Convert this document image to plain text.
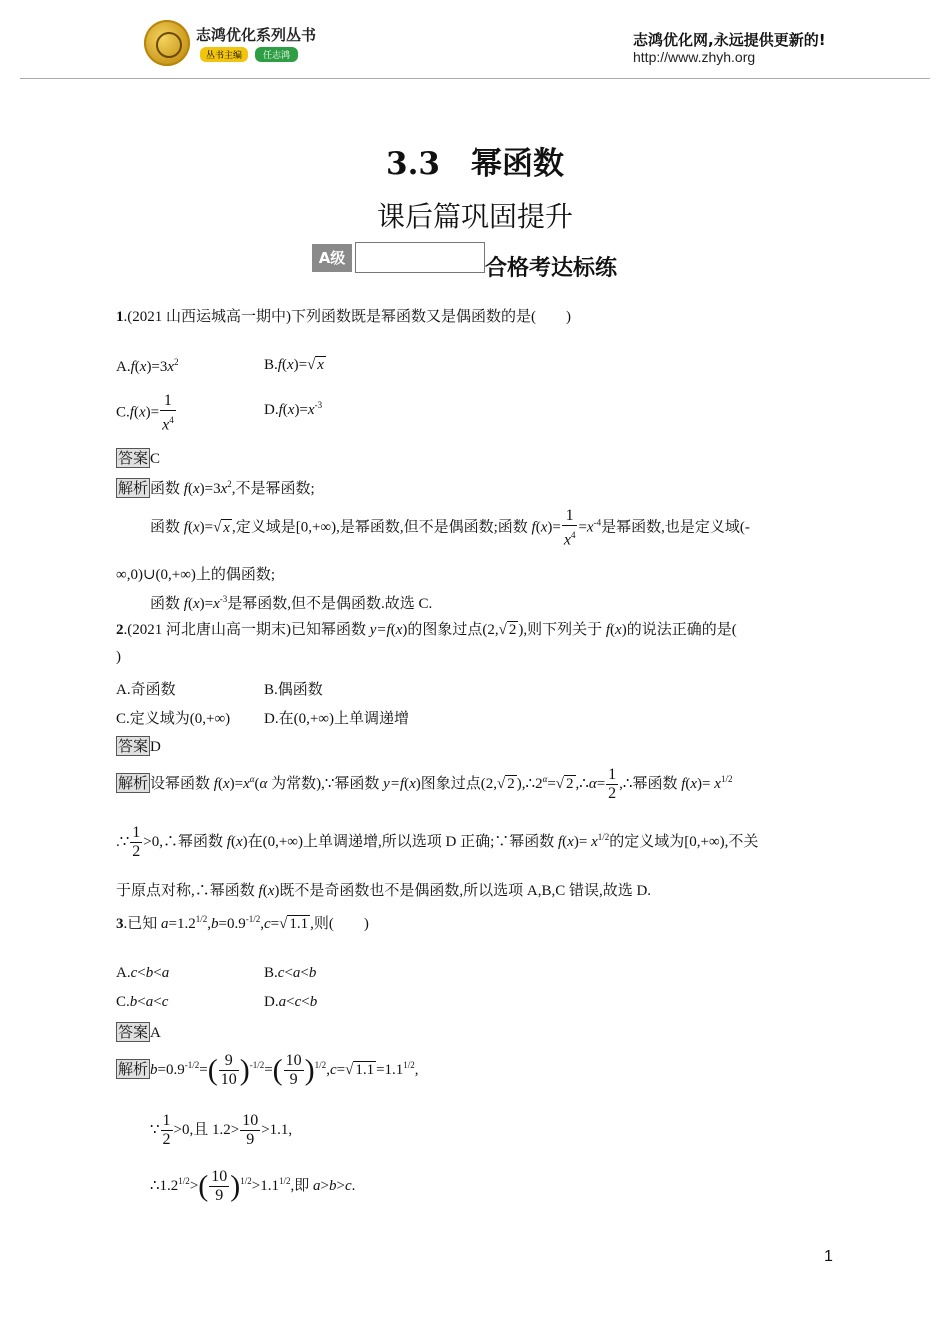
志鸿优化系列丛书
丛书主编	任志鸿
志鸿优化网,永远提供更新的!
http://www.zhyh.org
3.3　幂函数
课后篇巩固提升
A级	合格考达标练
1.(2021 山西运城高一期中)下列函数既是幂函数又是偶函数的是(　　)
$A.f(x)=3x^2$	B.f(x)=√ x
$C.f(x)= \frac{1}{x^4}$	$D.f(x)=x^{-3}$
答案 C
解析 函数 $f(x)=3x^2$,不是幂函数;
函数 f(x)=√ x ,定义域是[0,+∞),是幂函数,但不是偶函数;函数 $f(x)= \frac{1}{x^4} =x^{-4}$是幂函数,也是定义域(-
∞,0)∪(0,+∞)上的偶函数;
函数 $f(x)=x^{-3}$是幂函数,但不是偶函数.故选 C.
2.(2021 河北唐山高一期末)已知幂函数 y=f(x)的图象过点(2,√ 2 ),则下列关于 f(x)的说法正确的是(
)
A.奇函数	B.偶函数
C.定义域为(0,+∞) D.在(0,+∞)上单调递增
答案 D
解析 设幂函数 $f(x)=x^\alpha(\alpha$ 为常数),∵幂函数 y=f(x)图象过点(2,√ 2 )$,\therefore 2^\alpha=√$ 2 ,∴α= $\frac{1}{2}$ ,∴幂函数 $f(x)= x^{1/2}$
.∵ $\frac{1}{2}$ >0,∴幂函数 f(x)在(0,+∞)上单调递增,所以选项 D 正确;∵幂函数 $f(x)= x^{1/2}$的定义域为[0,+∞),不关
于原点对称,∴幂函数 f(x)既不是奇函数也不是偶函数,所以选项 A,B,C 错误,故选 D.
3.已知 $a=1.2^{1/2},b=0.9^{-1/2},c=√$ 1.1 ,则(　　)
A.c<b<a	B.c<a<b
C.b<a<c	D.a<c<b
答案 A
解析 $b=0.9^{-1/2}=( \frac{9}{10} )^{-1/2}=( \frac{10}{9} )^{1/2},c=√$ $1.1 =1.1^{1/2}$,
∵ $\frac{1}{2} >0$,且 $1.2> \frac{10}{9} >1.1$,
$\therefore 1.2^{1/2}>( \frac{10}{9} )^{1/2}>1.1^{1/2}$,即 a>b>c.
1
